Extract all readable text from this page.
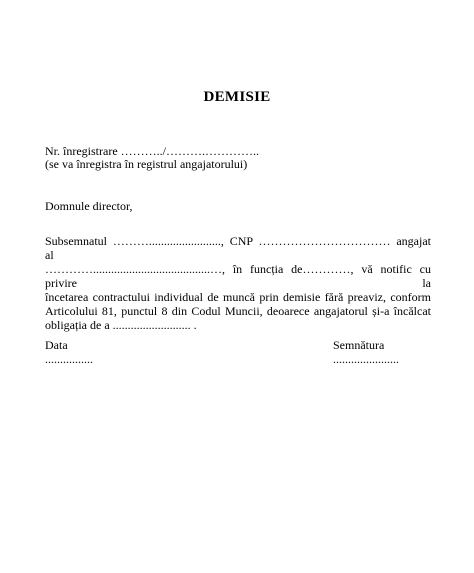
DEMISIE
Nr. înregistrare ………../……….…………..
(se va înregistra în registrul angajatorului)
Domnule director,

Subsemnatul ………........................, CNP …………………………… angajat al

………….......................................…, în funcția de…………, vă notific cu privire la

încetarea contractului individual de muncă prin demisie fără preaviz, conform

Articolului 81, punctul 8 din Codul Muncii, deoarece angajatorul și-a încălcat

obligația de a .......................... .

Data
................
Semnătura
......................
